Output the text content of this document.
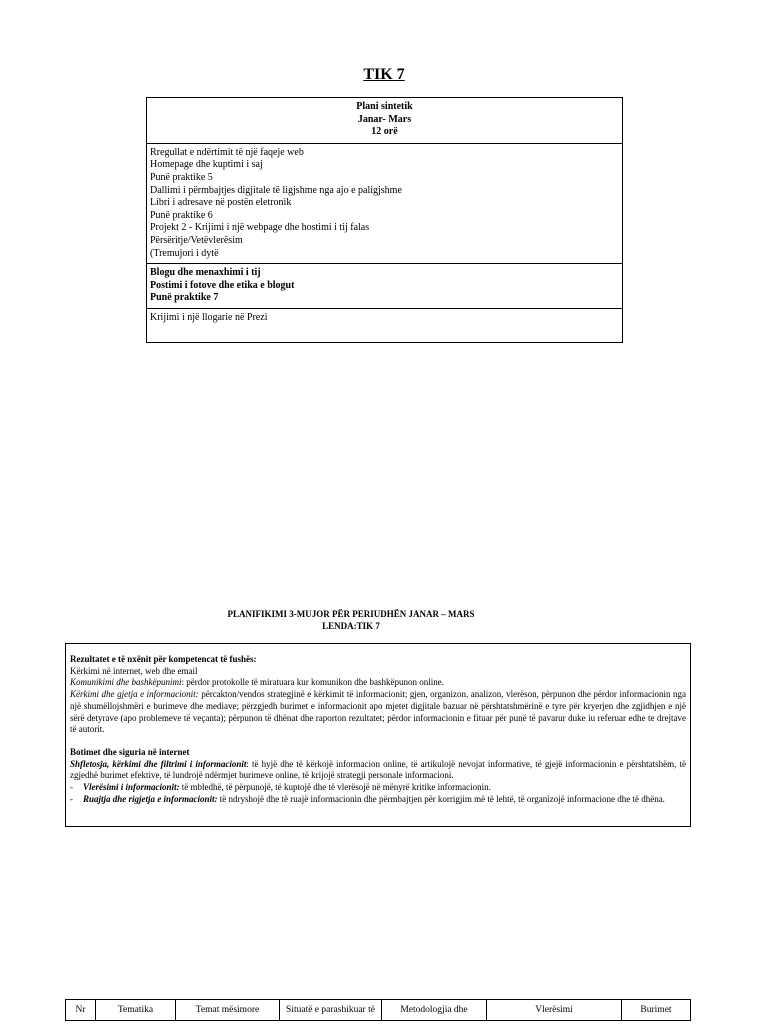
TIK 7
Plani sintetik
Janar- Mars
12 orë
Rregullat e ndërtimit të një faqeje web
Homepage dhe kuptimi i saj
Punë praktike 5
Dallimi i përmbajtjes digjitale të ligjshme nga ajo e paligjshme
Libri i adresave në postën eletronik
Punë praktike 6
Projekt 2 - Krijimi i një webpage dhe hostimi i tij falas
Përsëritje/Vetëvlerësim
(Tremujori i dytë
Blogu dhe menaxhimi i tij
Postimi i fotove dhe etika e blogut
Punë praktike 7
Krijimi i një llogarie në Prezi
PLANIFIKIMI 3-MUJOR PËR PERIUDHËN JANAR – MARS
LENDA:TIK 7

Rezultatet e të nxënit për kompetencat të fushës:

Kërkimi në internet, web dhe email

Komunikimi dhe bashkëpunimi: përdor protokolle të miratuara kur komunikon dhe bashkëpunon online.

Kërkimi dhe gjetja e informacionit: përcakton/vendos strategjinë e kërkimit të informacionit; gjen, organizon, analizon, vlerëson, përpunon dhe përdor informacionin nga një shumëllojshmëri e burimeve dhe mediave; përzgjedh burimet e informacionit apo mjetet digjitale bazuar në përshtatshmërinë e tyre për kryerjen dhe zgjidhjen e një sërë detyrave (apo problemeve të veçanta); përpunon të dhënat dhe raporton rezultatet; përdor informacionin e fituar për punë të pavarur duke iu referuar edhe te drejtave të autorit.

Botimet dhe siguria në internet

Shfletosja, kërkimi dhe filtrimi i informacionit: të hyjë dhe të kërkojë informacion online, të artikulojë nevojat informative, të gjejë informacionin e përshtatshëm, të zgjedhë burimet efektive, të lundrojë ndërmjet burimeve online, të krijojë strategji personale informacioni.

-	Vlerësimi i informacionit: të mbledhë, të përpunojë, të kuptojë dhe të vlerësojë në mënyrë kritike informacionin.
-	Ruajtja dhe rigjetja e informacionit: të ndryshojë dhe të ruajë informacionin dhe përmbajtjen për korrigjim më të lehtë, të organizojë informacione dhe të dhëna.
Nr	Tematika	Temat mësimore	Situatë e parashikuar të	Metodologjia dhe	Vlerësimi	Burimet
